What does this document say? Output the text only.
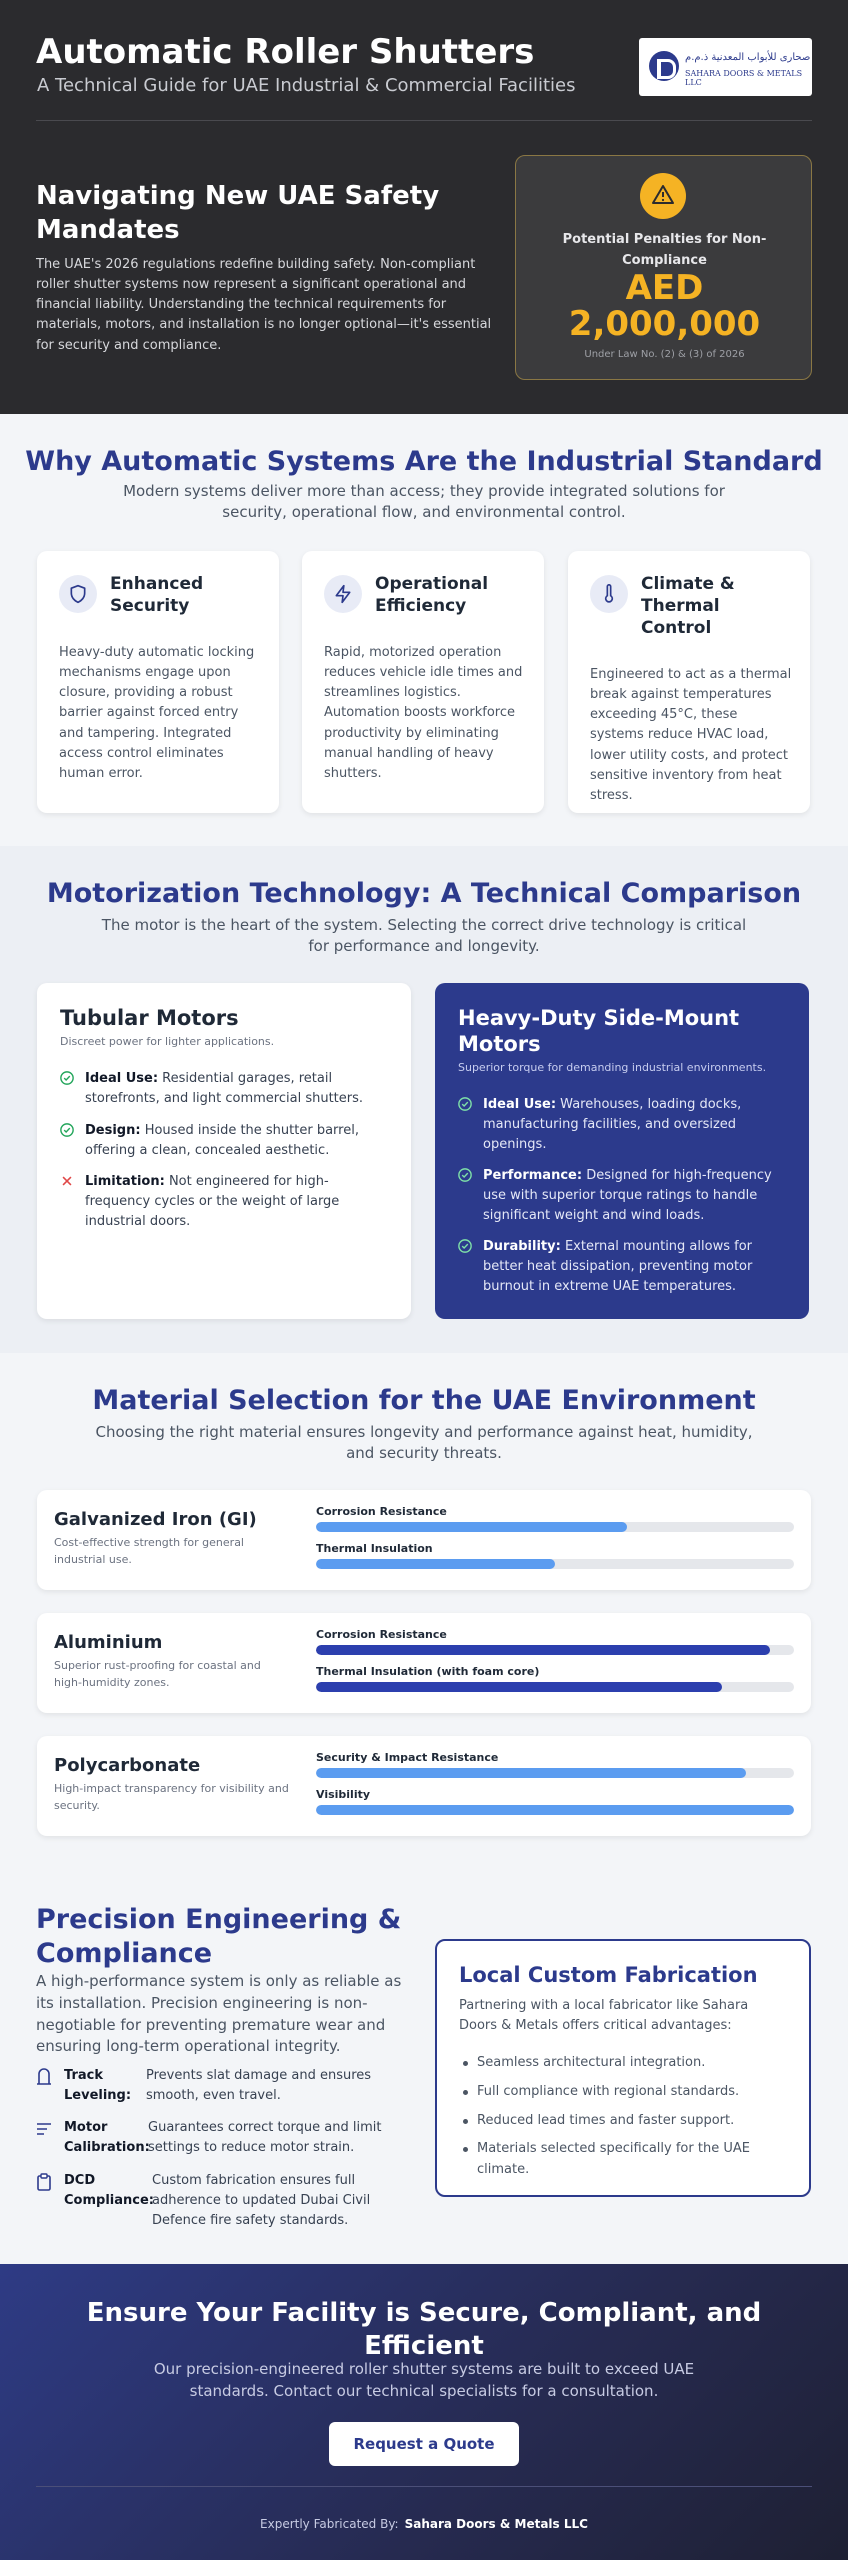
Automatic Roller Shutters
A Technical Guide for UAE Industrial & Commercial Facilities
صحارى للأبواب المعدنية ذ.م.م
SAHARA DOORS & METALS LLC
Navigating New UAE Safety Mandates

The UAE's 2026 regulations redefine building safety. Non-compliant roller shutter systems now represent a significant operational and financial liability. Understanding the technical requirements for materials, motors, and installation is no longer optional—it's essential for security and compliance.

Potential Penalties for Non-Compliance
AED
2,000,000
Under Law No. (2) & (3) of 2026
Why Automatic Systems Are the Industrial Standard

Modern systems deliver more than access; they provide integrated solutions for security, operational flow, and environmental control.

Enhanced Security

Heavy-duty automatic locking mechanisms engage upon closure, providing a robust barrier against forced entry and tampering. Integrated access control eliminates human error.

Operational Efficiency

Rapid, motorized operation reduces vehicle idle times and streamlines logistics. Automation boosts workforce productivity by eliminating manual handling of heavy shutters.

Climate & Thermal Control

Engineered to act as a thermal break against temperatures exceeding 45°C, these systems reduce HVAC load, lower utility costs, and protect sensitive inventory from heat stress.

Motorization Technology: A Technical Comparison

The motor is the heart of the system. Selecting the correct drive technology is critical for performance and longevity.

Tubular Motors
Discreet power for lighter applications.
Ideal Use: Residential garages, retail storefronts, and light commercial shutters.
Design: Housed inside the shutter barrel, offering a clean, concealed aesthetic.
Limitation: Not engineered for high-frequency cycles or the weight of large industrial doors.
Heavy-Duty Side-Mount Motors
Superior torque for demanding industrial environments.
Ideal Use: Warehouses, loading docks, manufacturing facilities, and oversized openings.
Performance: Designed for high-frequency use with superior torque ratings to handle significant weight and wind loads.
Durability: External mounting allows for better heat dissipation, preventing motor burnout in extreme UAE temperatures.
Material Selection for the UAE Environment

Choosing the right material ensures longevity and performance against heat, humidity, and security threats.

Galvanized Iron (GI)
Cost-effective strength for general industrial use.
Corrosion Resistance
Thermal Insulation
Aluminium
Superior rust-proofing for coastal and high-humidity zones.
Corrosion Resistance
Thermal Insulation (with foam core)
Polycarbonate
High-impact transparency for visibility and security.
Security & Impact Resistance
Visibility
Precision Engineering & Compliance

A high-performance system is only as reliable as its installation. Precision engineering is non-negotiable for preventing premature wear and ensuring long-term operational integrity.

Track Leveling:
Prevents slat damage and ensures smooth, even travel.
Motor Calibration:
Guarantees correct torque and limit settings to reduce motor strain.
DCD Compliance:
Custom fabrication ensures full adherence to updated Dubai Civil Defence fire safety standards.
Local Custom Fabrication

Partnering with a local fabricator like Sahara Doors & Metals offers critical advantages:

Seamless architectural integration.
Full compliance with regional standards.
Reduced lead times and faster support.
Materials selected specifically for the UAE climate.
Ensure Your Facility is Secure, Compliant, and Efficient

Our precision-engineered roller shutter systems are built to exceed UAE standards. Contact our technical specialists for a consultation.

Request a Quote
Expertly Fabricated By: Sahara Doors & Metals LLC
